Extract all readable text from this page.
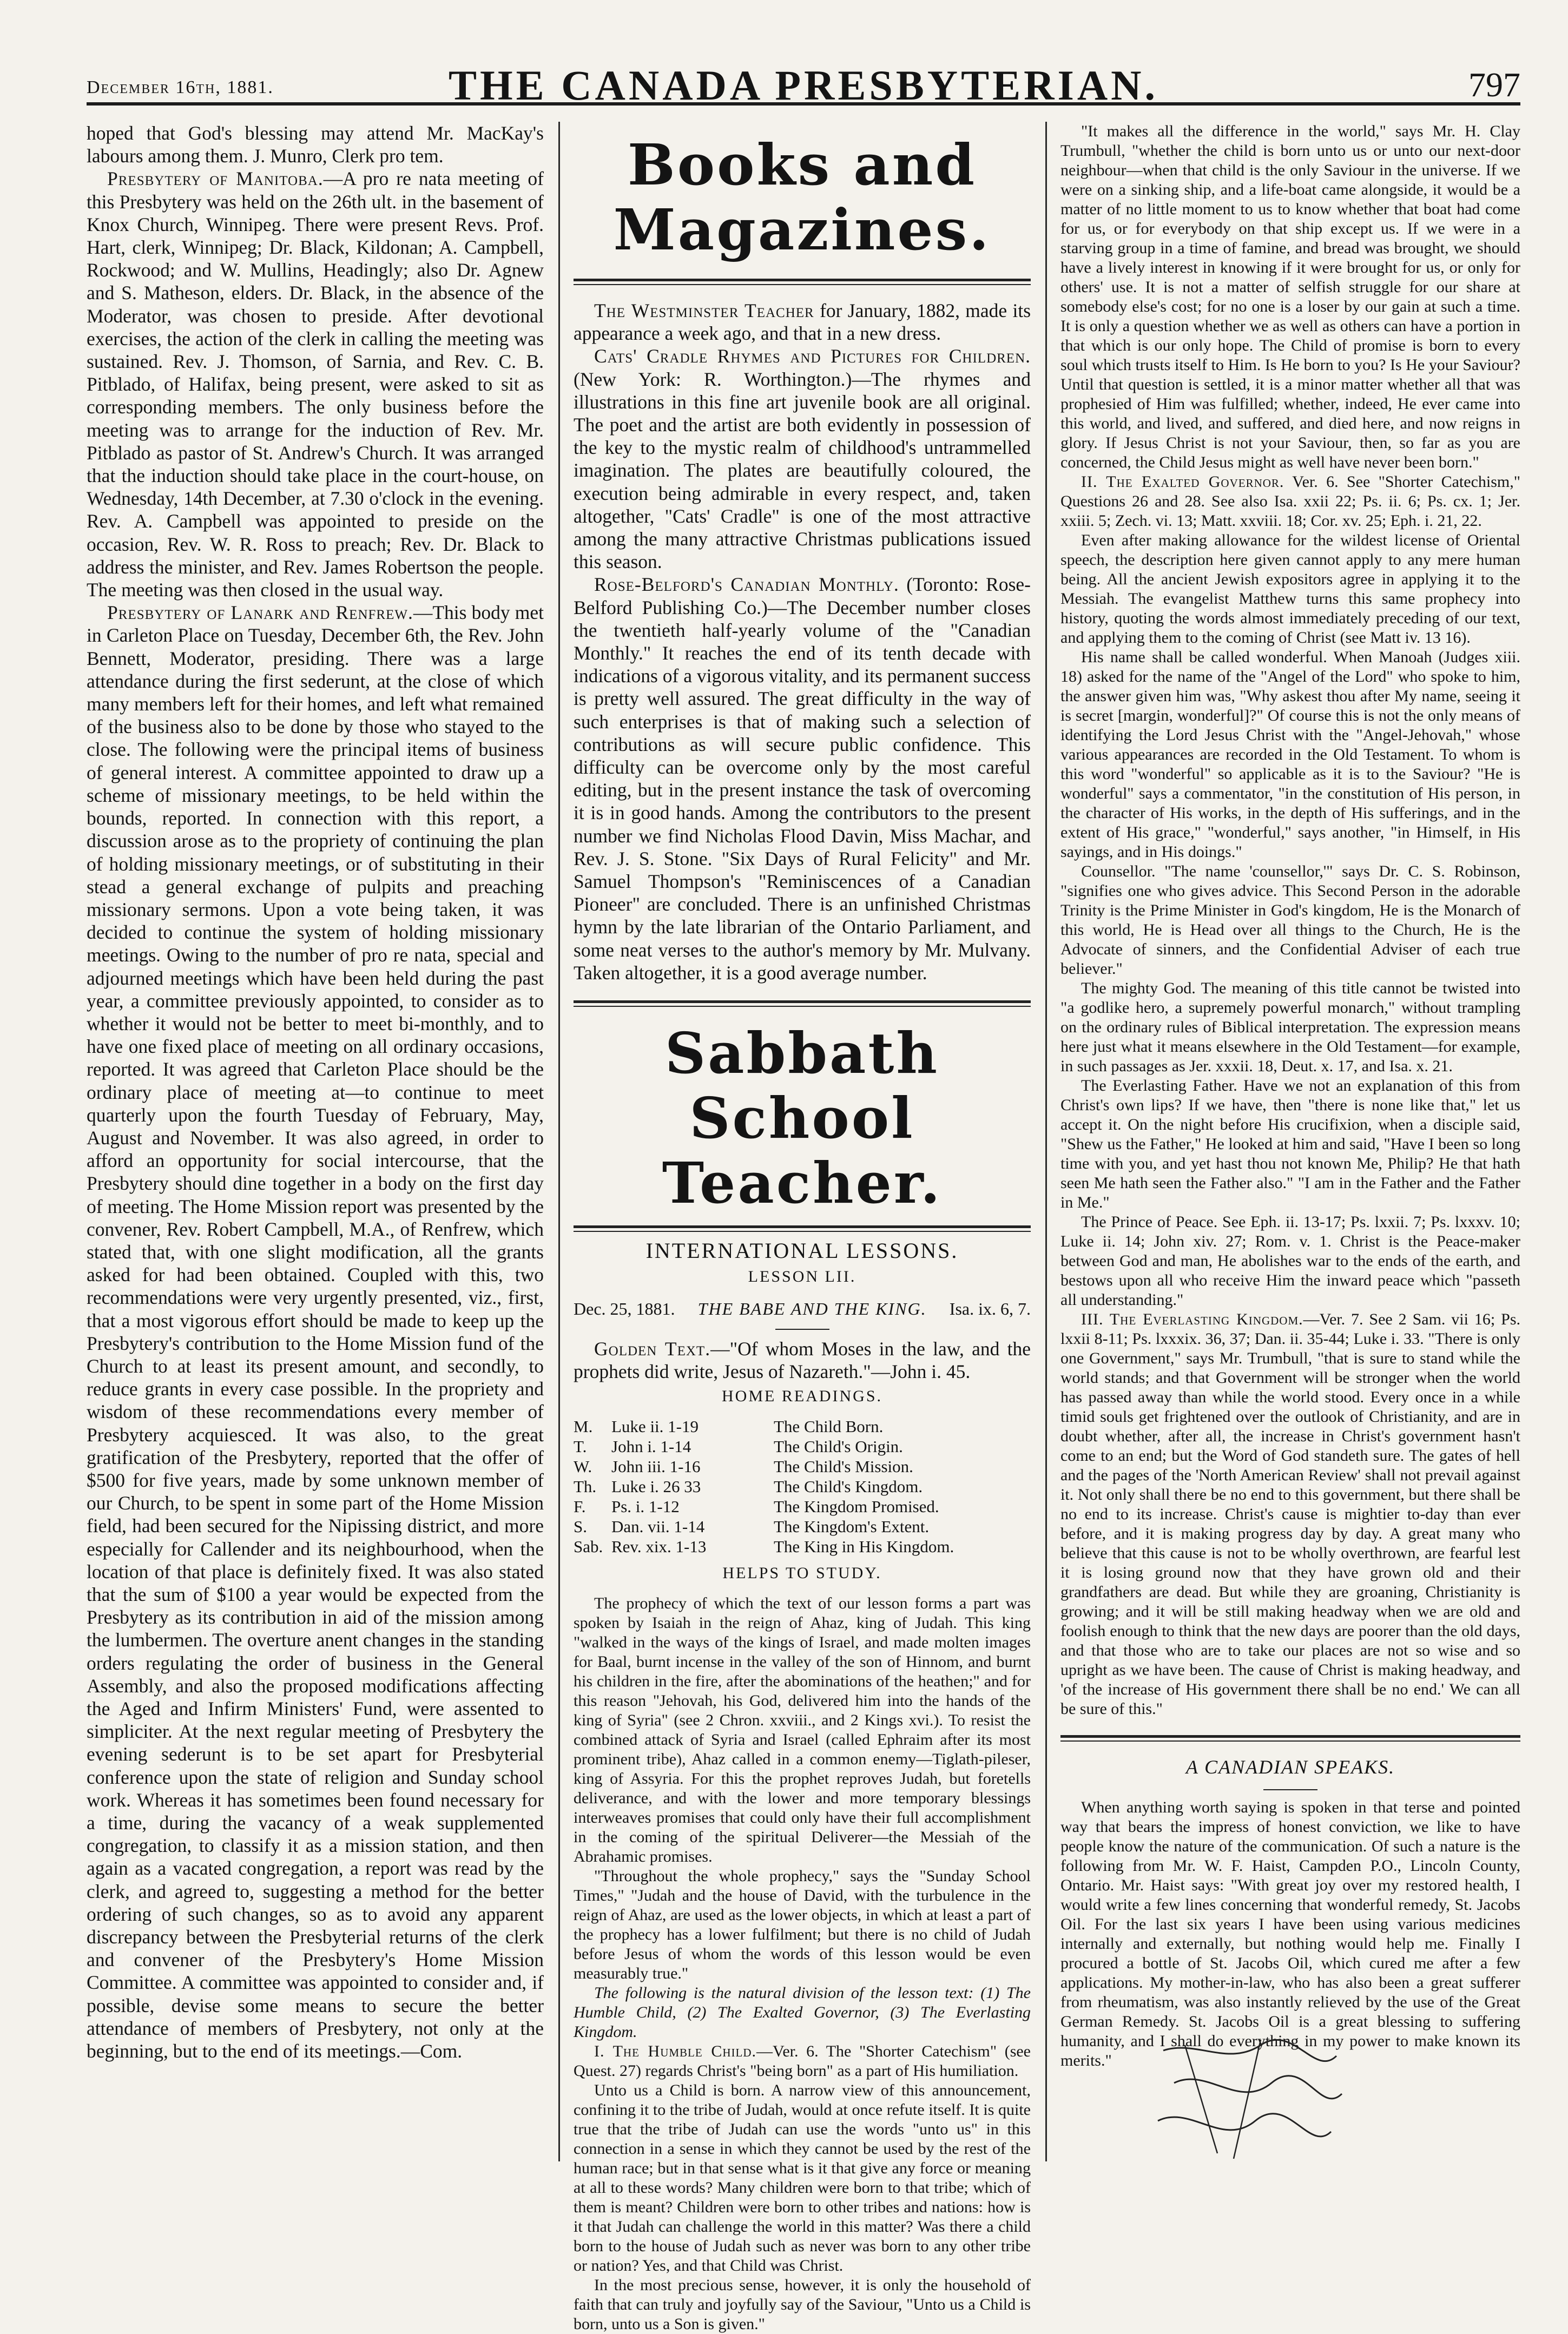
December 16th, 1881.	THE CANADA PRESBYTERIAN.	797

hoped that God's blessing may attend Mr. MacKay's labours among them. J. Munro, Clerk pro tem.

Presbytery of Manitoba.—A pro re nata meeting of this Presbytery was held on the 26th ult. in the basement of Knox Church, Winnipeg. There were present Revs. Prof. Hart, clerk, Winnipeg; Dr. Black, Kildonan; A. Campbell, Rockwood; and W. Mullins, Headingly; also Dr. Agnew and S. Matheson, elders. Dr. Black, in the absence of the Moderator, was chosen to preside. After devotional exercises, the action of the clerk in calling the meeting was sustained. Rev. J. Thomson, of Sarnia, and Rev. C. B. Pitblado, of Halifax, being present, were asked to sit as corresponding members. The only business before the meeting was to arrange for the induction of Rev. Mr. Pitblado as pastor of St. Andrew's Church. It was arranged that the induction should take place in the court-house, on Wednesday, 14th December, at 7.30 o'clock in the evening. Rev. A. Campbell was appointed to preside on the occasion, Rev. W. R. Ross to preach; Rev. Dr. Black to address the minister, and Rev. James Robertson the people. The meeting was then closed in the usual way.

Presbytery of Lanark and Renfrew.—This body met in Carleton Place on Tuesday, December 6th, the Rev. John Bennett, Moderator, presiding. There was a large attendance during the first sederunt, at the close of which many members left for their homes, and left what remained of the business also to be done by those who stayed to the close. The following were the principal items of business of general interest. A committee appointed to draw up a scheme of missionary meetings, to be held within the bounds, reported. In connection with this report, a discussion arose as to the propriety of continuing the plan of holding missionary meetings, or of substituting in their stead a general exchange of pulpits and preaching missionary sermons. Upon a vote being taken, it was decided to continue the system of holding missionary meetings. Owing to the number of pro re nata, special and adjourned meetings which have been held during the past year, a committee previously appointed, to consider as to whether it would not be better to meet bi-monthly, and to have one fixed place of meeting on all ordinary occasions, reported. It was agreed that Carleton Place should be the ordinary place of meeting at—to continue to meet quarterly upon the fourth Tuesday of February, May, August and November. It was also agreed, in order to afford an opportunity for social intercourse, that the Presbytery should dine together in a body on the first day of meeting. The Home Mission report was presented by the convener, Rev. Robert Campbell, M.A., of Renfrew, which stated that, with one slight modification, all the grants asked for had been obtained. Coupled with this, two recommendations were very urgently presented, viz., first, that a most vigorous effort should be made to keep up the Presbytery's contribution to the Home Mission fund of the Church to at least its present amount, and secondly, to reduce grants in every case possible. In the propriety and wisdom of these recommendations every member of Presbytery acquiesced. It was also, to the great gratification of the Presbytery, reported that the offer of $500 for five years, made by some unknown member of our Church, to be spent in some part of the Home Mission field, had been secured for the Nipissing district, and more especially for Callender and its neighbourhood, when the location of that place is definitely fixed. It was also stated that the sum of $100 a year would be expected from the Presbytery as its contribution in aid of the mission among the lumbermen. The overture anent changes in the standing orders regulating the order of business in the General Assembly, and also the proposed modifications affecting the Aged and Infirm Ministers' Fund, were assented to simpliciter. At the next regular meeting of Presbytery the evening sederunt is to be set apart for Presbyterial conference upon the state of religion and Sunday school work. Whereas it has sometimes been found necessary for a time, during the vacancy of a weak supplemented congregation, to classify it as a mission station, and then again as a vacated congregation, a report was read by the clerk, and agreed to, suggesting a method for the better ordering of such changes, so as to avoid any apparent discrepancy between the Presbyterial returns of the clerk and convener of the Presbytery's Home Mission Committee. A committee was appointed to consider and, if possible, devise some means to secure the better attendance of members of Presbytery, not only at the beginning, but to the end of its meetings.—Com.

Books and Magazines.

The Westminster Teacher for January, 1882, made its appearance a week ago, and that in a new dress.

Cats' Cradle Rhymes and Pictures for Children. (New York: R. Worthington.)—The rhymes and illustrations in this fine art juvenile book are all original. The poet and the artist are both evidently in possession of the key to the mystic realm of childhood's untrammelled imagination. The plates are beautifully coloured, the execution being admirable in every respect, and, taken altogether, "Cats' Cradle" is one of the most attractive among the many attractive Christmas publications issued this season.

Rose-Belford's Canadian Monthly. (Toronto: Rose-Belford Publishing Co.)—The December number closes the twentieth half-yearly volume of the "Canadian Monthly." It reaches the end of its tenth decade with indications of a vigorous vitality, and its permanent success is pretty well assured. The great difficulty in the way of such enterprises is that of making such a selection of contributions as will secure public confidence. This difficulty can be overcome only by the most careful editing, but in the present instance the task of overcoming it is in good hands. Among the contributors to the present number we find Nicholas Flood Davin, Miss Machar, and Rev. J. S. Stone. "Six Days of Rural Felicity" and Mr. Samuel Thompson's "Reminiscences of a Canadian Pioneer" are concluded. There is an unfinished Christmas hymn by the late librarian of the Ontario Parliament, and some neat verses to the author's memory by Mr. Mulvany. Taken altogether, it is a good average number.

Sabbath School Teacher.
INTERNATIONAL LESSONS.
LESSON LII.
Dec. 25, 1881. THE BABE AND THE KING. Isa. ix. 6, 7.

Golden Text.—"Of whom Moses in the law, and the prophets did write, Jesus of Nazareth."—John i. 45.

HOME READINGS.
M.	Luke ii. 1-19	The Child Born.
T.	John i. 1-14	The Child's Origin.
W.	John iii. 1-16	The Child's Mission.
Th.	Luke i. 26 33	The Child's Kingdom.
F.	Ps. i. 1-12	The Kingdom Promised.
S.	Dan. vii. 1-14	The Kingdom's Extent.
Sab.	Rev. xix. 1-13	The King in His Kingdom.
HELPS TO STUDY.

The prophecy of which the text of our lesson forms a part was spoken by Isaiah in the reign of Ahaz, king of Judah. This king "walked in the ways of the kings of Israel, and made molten images for Baal, burnt incense in the valley of the son of Hinnom, and burnt his children in the fire, after the abominations of the heathen;" and for this reason "Jehovah, his God, delivered him into the hands of the king of Syria" (see 2 Chron. xxviii., and 2 Kings xvi.). To resist the combined attack of Syria and Israel (called Ephraim after its most prominent tribe), Ahaz called in a common enemy—Tiglath-pileser, king of Assyria. For this the prophet reproves Judah, but foretells deliverance, and with the lower and more temporary blessings interweaves promises that could only have their full accomplishment in the coming of the spiritual Deliverer—the Messiah of the Abrahamic promises.

"Throughout the whole prophecy," says the "Sunday School Times," "Judah and the house of David, with the turbulence in the reign of Ahaz, are used as the lower objects, in which at least a part of the prophecy has a lower fulfilment; but there is no child of Judah before Jesus of whom the words of this lesson would be even measurably true."

The following is the natural division of the lesson text: (1) The Humble Child, (2) The Exalted Governor, (3) The Everlasting Kingdom.

I. The Humble Child.—Ver. 6. The "Shorter Catechism" (see Quest. 27) regards Christ's "being born" as a part of His humiliation.

Unto us a Child is born. A narrow view of this announcement, confining it to the tribe of Judah, would at once refute itself. It is quite true that the tribe of Judah can use the words "unto us" in this connection in a sense in which they cannot be used by the rest of the human race; but in that sense what is it that give any force or meaning at all to these words? Many children were born to that tribe; which of them is meant? Children were born to other tribes and nations: how is it that Judah can challenge the world in this matter? Was there a child born to the house of Judah such as never was born to any other tribe or nation? Yes, and that Child was Christ.

In the most precious sense, however, it is only the household of faith that can truly and joyfully say of the Saviour, "Unto us a Child is born, unto us a Son is given."

"It makes all the difference in the world," says Mr. H. Clay Trumbull, "whether the child is born unto us or unto our next-door neighbour—when that child is the only Saviour in the universe. If we were on a sinking ship, and a life-boat came alongside, it would be a matter of no little moment to us to know whether that boat had come for us, or for everybody on that ship except us. If we were in a starving group in a time of famine, and bread was brought, we should have a lively interest in knowing if it were brought for us, or only for others' use. It is not a matter of selfish struggle for our share at somebody else's cost; for no one is a loser by our gain at such a time. It is only a question whether we as well as others can have a portion in that which is our only hope. The Child of promise is born to every soul which trusts itself to Him. Is He born to you? Is He your Saviour? Until that question is settled, it is a minor matter whether all that was prophesied of Him was fulfilled; whether, indeed, He ever came into this world, and lived, and suffered, and died here, and now reigns in glory. If Jesus Christ is not your Saviour, then, so far as you are concerned, the Child Jesus might as well have never been born."

II. The Exalted Governor. Ver. 6. See "Shorter Catechism," Questions 26 and 28. See also Isa. xxii 22; Ps. ii. 6; Ps. cx. 1; Jer. xxiii. 5; Zech. vi. 13; Matt. xxviii. 18; Cor. xv. 25; Eph. i. 21, 22.

Even after making allowance for the wildest license of Oriental speech, the description here given cannot apply to any mere human being. All the ancient Jewish expositors agree in applying it to the Messiah. The evangelist Matthew turns this same prophecy into history, quoting the words almost immediately preceding of our text, and applying them to the coming of Christ (see Matt iv. 13 16).

His name shall be called wonderful. When Manoah (Judges xiii. 18) asked for the name of the "Angel of the Lord" who spoke to him, the answer given him was, "Why askest thou after My name, seeing it is secret [margin, wonderful]?" Of course this is not the only means of identifying the Lord Jesus Christ with the "Angel-Jehovah," whose various appearances are recorded in the Old Testament. To whom is this word "wonderful" so applicable as it is to the Saviour? "He is wonderful" says a commentator, "in the constitution of His person, in the character of His works, in the depth of His sufferings, and in the extent of His grace," "wonderful," says another, "in Himself, in His sayings, and in His doings."

Counsellor. "The name 'counsellor,'" says Dr. C. S. Robinson, "signifies one who gives advice. This Second Person in the adorable Trinity is the Prime Minister in God's kingdom, He is the Monarch of this world, He is Head over all things to the Church, He is the Advocate of sinners, and the Confidential Adviser of each true believer."

The mighty God. The meaning of this title cannot be twisted into "a godlike hero, a supremely powerful monarch," without trampling on the ordinary rules of Biblical interpretation. The expression means here just what it means elsewhere in the Old Testament—for example, in such passages as Jer. xxxii. 18, Deut. x. 17, and Isa. x. 21.

The Everlasting Father. Have we not an explanation of this from Christ's own lips? If we have, then "there is none like that," let us accept it. On the night before His crucifixion, when a disciple said, "Shew us the Father," He looked at him and said, "Have I been so long time with you, and yet hast thou not known Me, Philip? He that hath seen Me hath seen the Father also." "I am in the Father and the Father in Me."

The Prince of Peace. See Eph. ii. 13-17; Ps. lxxii. 7; Ps. lxxxv. 10; Luke ii. 14; John xiv. 27; Rom. v. 1. Christ is the Peace-maker between God and man, He abolishes war to the ends of the earth, and bestows upon all who receive Him the inward peace which "passeth all understanding."

III. The Everlasting Kingdom.—Ver. 7. See 2 Sam. vii 16; Ps. lxxii 8-11; Ps. lxxxix. 36, 37; Dan. ii. 35-44; Luke i. 33. "There is only one Government," says Mr. Trumbull, "that is sure to stand while the world stands; and that Government will be stronger when the world has passed away than while the world stood. Every once in a while timid souls get frightened over the outlook of Christianity, and are in doubt whether, after all, the increase in Christ's government hasn't come to an end; but the Word of God standeth sure. The gates of hell and the pages of the 'North American Review' shall not prevail against it. Not only shall there be no end to this government, but there shall be no end to its increase. Christ's cause is mightier to-day than ever before, and it is making progress day by day. A great many who believe that this cause is not to be wholly overthrown, are fearful lest it is losing ground now that they have grown old and their grandfathers are dead. But while they are groaning, Christianity is growing; and it will be still making headway when we are old and foolish enough to think that the new days are poorer than the old days, and that those who are to take our places are not so wise and so upright as we have been. The cause of Christ is making headway, and 'of the increase of His government there shall be no end.' We can all be sure of this."

A CANADIAN SPEAKS.

When anything worth saying is spoken in that terse and pointed way that bears the impress of honest conviction, we like to have people know the nature of the communication. Of such a nature is the following from Mr. W. F. Haist, Campden P.O., Lincoln County, Ontario. Mr. Haist says: "With great joy over my restored health, I would write a few lines concerning that wonderful remedy, St. Jacobs Oil. For the last six years I have been using various medicines internally and externally, but nothing would help me. Finally I procured a bottle of St. Jacobs Oil, which cured me after a few applications. My mother-in-law, who has also been a great sufferer from rheumatism, was also instantly relieved by the use of the Great German Remedy. St. Jacobs Oil is a great blessing to suffering humanity, and I shall do everything in my power to make known its merits."
